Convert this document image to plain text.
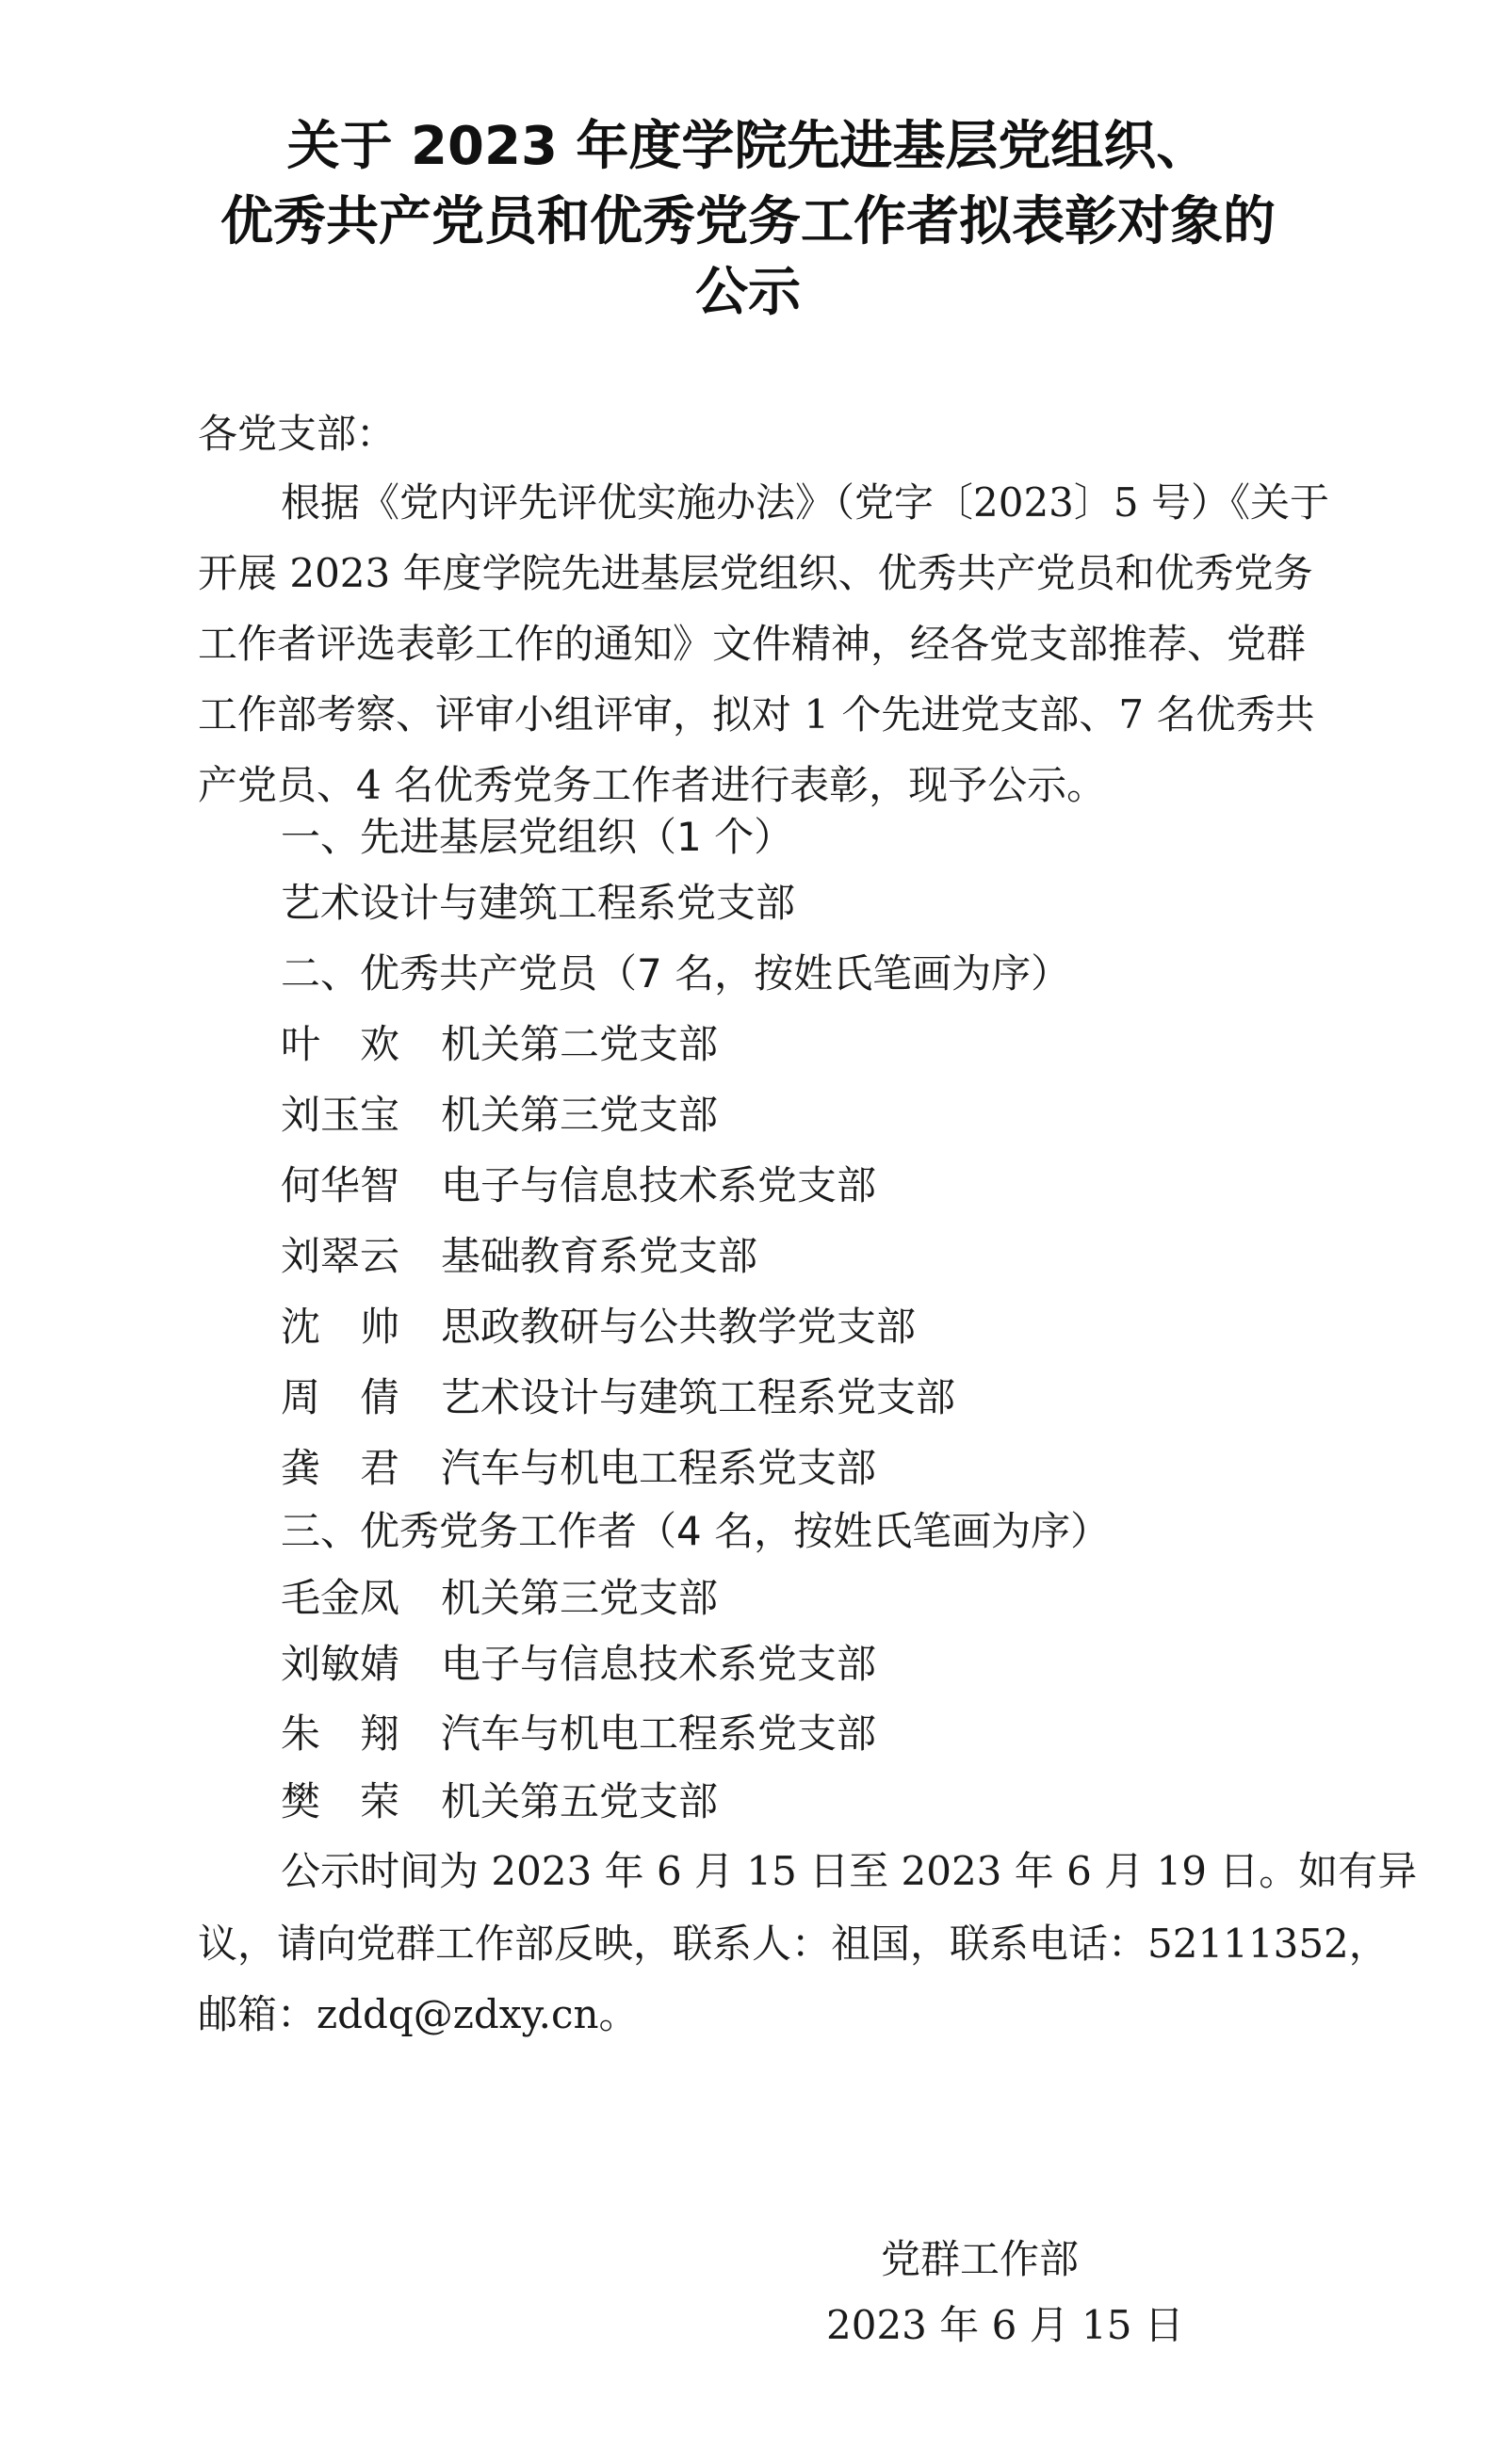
关于 2023 年度学院先进基层党组织、
优秀共产党员和优秀党务工作者拟表彰对象的
公示
各党支部：
根据《党内评先评优实施办法》（党字〔2023〕5 号）《关于
开展 2023 年度学院先进基层党组织、优秀共产党员和优秀党务
工作者评选表彰工作的通知》文件精神，经各党支部推荐、党群
工作部考察、评审小组评审，拟对 1 个先进党支部、7 名优秀共
产党员、4 名优秀党务工作者进行表彰，现予公示。
一、先进基层党组织（1 个）
艺术设计与建筑工程系党支部
二、优秀共产党员（7 名，按姓氏笔画为序）
叶　欢 机关第二党支部
刘玉宝 机关第三党支部
何华智 电子与信息技术系党支部
刘翠云 基础教育系党支部
沈　帅 思政教研与公共教学党支部
周　倩 艺术设计与建筑工程系党支部
龚　君 汽车与机电工程系党支部
三、优秀党务工作者（4 名，按姓氏笔画为序）
毛金凤 机关第三党支部
刘敏婧 电子与信息技术系党支部
朱　翔 汽车与机电工程系党支部
樊　荣 机关第五党支部
公示时间为 2023 年 6 月 15 日至 2023 年 6 月 19 日。如有异
议，请向党群工作部反映，联系人：祖国，联系电话：52111352，
邮箱：zddq@zdxy.cn。
党群工作部
2023 年 6 月 15 日
